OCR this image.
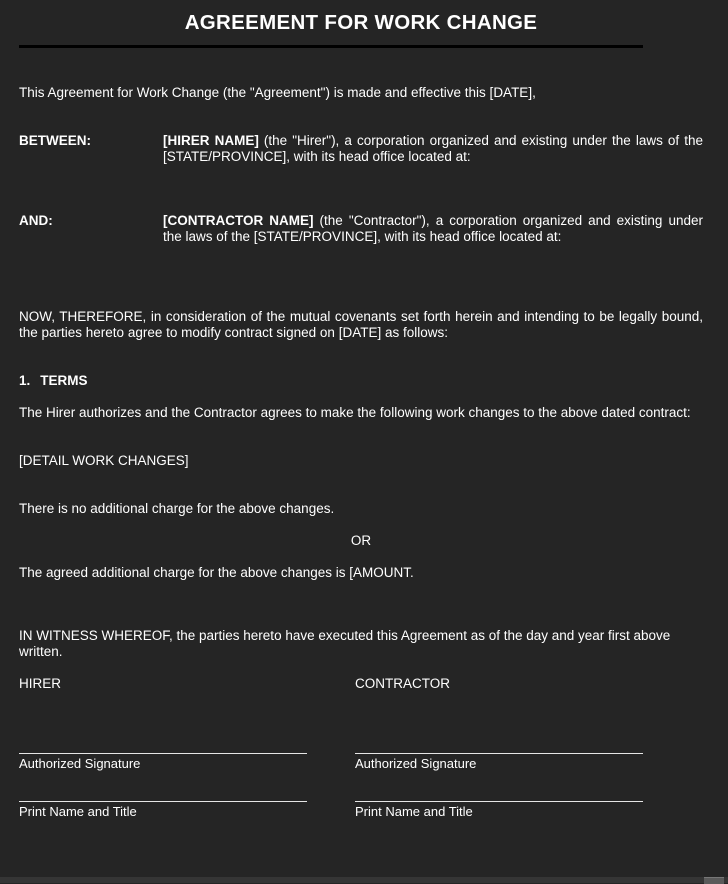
AGREEMENT FOR WORK CHANGE
This Agreement for Work Change (the "Agreement") is made and effective this [DATE],
BETWEEN:	[HIRER NAME] (the "Hirer"), a corporation organized and existing under the laws of the [STATE/PROVINCE], with its head office located at:
AND:	[CONTRACTOR NAME] (the "Contractor"), a corporation organized and existing under the laws of the [STATE/PROVINCE], with its head office located at:
NOW, THEREFORE, in consideration of the mutual covenants set forth herein and intending to be legally bound, the parties hereto agree to modify contract signed on [DATE] as follows:
1. TERMS
The Hirer authorizes and the Contractor agrees to make the following work changes to the above dated contract:
[DETAIL WORK CHANGES]
There is no additional charge for the above changes.
OR
The agreed additional charge for the above changes is [AMOUNT.
IN WITNESS WHEREOF, the parties hereto have executed this Agreement as of the day and year first above written.
HIRER
Authorized Signature
Print Name and Title
CONTRACTOR
Authorized Signature
Print Name and Title
